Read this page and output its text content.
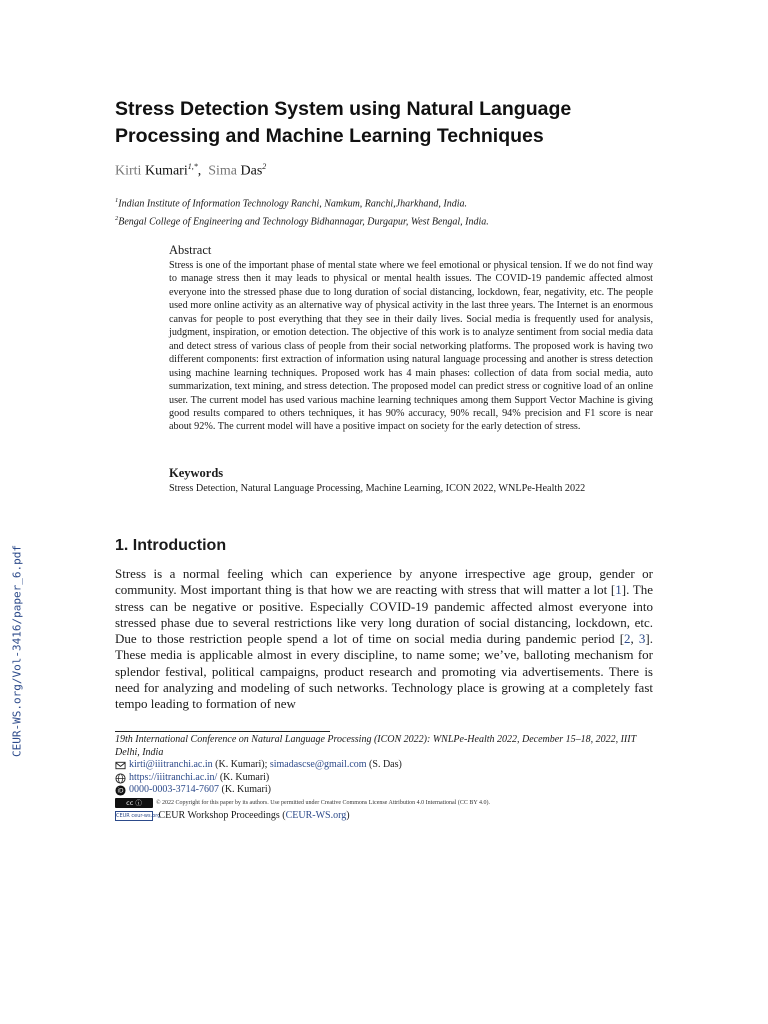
CEUR-WS.org/Vol-3416/paper_6.pdf
Stress Detection System using Natural Language
Processing and Machine Learning Techniques
Kirti Kumari$^{1,*}$,  Sima Das$^2$
$^1$Indian Institute of Information Technology Ranchi, Namkum, Ranchi,Jharkhand, India.
$^2$Bengal College of Engineering and Technology Bidhannagar, Durgapur, West Bengal, India.
Abstract
Stress is one of the important phase of mental state where we feel emotional or physical tension. If we do not find way to manage stress then it may leads to physical or mental health issues. The COVID-19 pandemic affected almost everyone into the stressed phase due to long duration of social distancing, lockdown, fear, negativity, etc. The people used more online activity as an alternative way of physical activity in the last three years. The Internet is an enormous canvas for people to post everything that they see in their daily lives. Social media is frequently used for analysis, judgment, inspiration, or emotion detection. The objective of this work is to analyze sentiment from social media data and detect stress of various class of people from their social networking platforms. The proposed work is having two different components: first extraction of information using natural language processing and another is stress detection using machine learning techniques. Proposed work has 4 main phases: collection of data from social media, auto summarization, text mining, and stress detection. The proposed model can predict stress or cognitive load of an online user. The current model has used various machine learning techniques among them Support Vector Machine is giving good results compared to others techniques, it has 90% accuracy, 90% recall, 94% precision and F1 score is near about 92%. The current model will have a positive impact on society for the early detection of stress.
Keywords
Stress Detection, Natural Language Processing, Machine Learning, ICON 2022, WNLPe-Health 2022
1. Introduction

Stress is a normal feeling which can experience by anyone irrespective age group, gender or community. Most important thing is that how we are reacting with stress that will matter a lot [1]. The stress can be negative or positive. Especially COVID-19 pandemic affected almost everyone into stressed phase due to several restrictions like very long duration of social distancing, lockdown, etc. Due to those restriction people spend a lot of time on social media during pandemic period [2, 3]. These media is applicable almost in every discipline, to name some; we’ve, balloting mechanism for splendor festival, political campaigns, product research and promoting via advertisements. There is need for analyzing and modeling of such networks. Technology place is growing at a completely fast tempo leading to formation of new

19th International Conference on Natural Language Processing (ICON 2022): WNLPe-Health 2022, December 15–18, 2022, IIIT Delhi, India
kirti@iiitranchi.ac.in (K. Kumari); simadascse@gmail.com (S. Das)
https://iiitranchi.ac.in/ (K. Kumari)
iD 0000-0003-3714-7607 (K. Kumari)
cc ⓘ	© 2022 Copyright for this paper by its authors. Use permitted under Creative Commons License Attribution 4.0 International (CC BY 4.0).
CEUR ceur-ws.org
CEUR Workshop Proceedings (CEUR-WS.org)
